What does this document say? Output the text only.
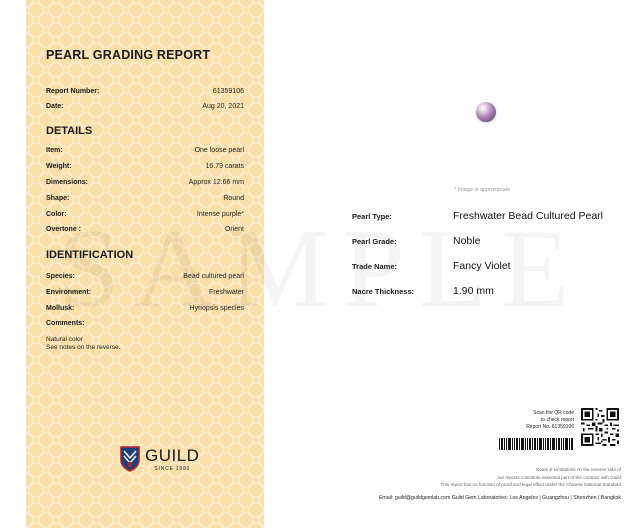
PEARL GRADING REPORT
Report Number:	61359106
Date:	Aug 20, 2021
DETAILS
Item:	One loose pearl
Weight:	16.79 carats
Dimensions:	Approx 12.66 mm
Shape:	Round
Color:	Intense purple*
Overtone :	Orient
IDENTIFICATION
Species:	Bead cultured pearl
Environment:	Freshwater
Mollusk:	Hyriopsis species
Comments:
Natural color
See notes on the reverse.
GUILD
SINCE 1980
* Image is approximate
Pearl Type:	Freshwater Bead Cultured Pearl
Pearl Grade:	Noble
Trade Name:	Fancy Violet
Nacre Thickness:	1.90 mm
Scan the QR code
to check report
Report No. 61359106
Notes & Limitations on the reverse side of
our reports constitute essential part of the contract with Guild
This report has no function of proof and legal effect under the Chinese National Standard
Email: guild@guildgemlab.com Guild Gem Laboratories: Los Angeles | Guangzhou | Shenzhen | Bangkok
